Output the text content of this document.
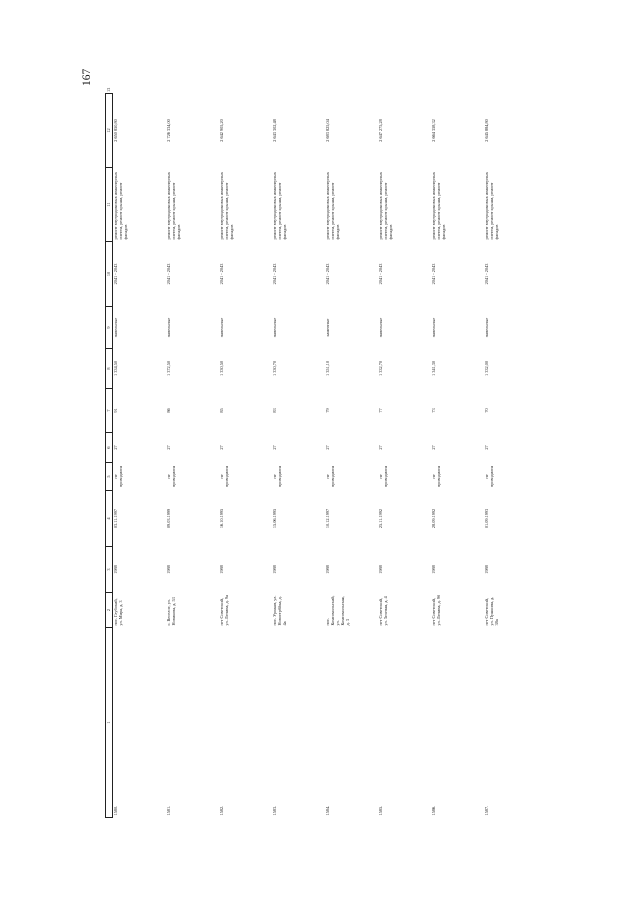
167
1	2	3	4	5	6	7	8	9	10	11	12	13
1580.	пос. Глубокий, ул. Мира, д. 3	1988	03.11.1997	не проводился	27	91	1 334,50	панельные	2041 - 2043	ремонт внутридомовых инженерных систем, ремонт крыши, ремонт фасадов	2 650 850,80	
1581.	с. Веселое, ул. Новикова, д. 53	1988	09.03.1999	не проводился	27	86	1 372,50	панельные	2041 - 2043	ремонт внутридомовых инженерных систем, ремонт крыши, ремонт фасадов	2 726 334,00	
1582.	пгт Советский, ул. Ленина, д. 9а	1988	16.10.1995	не проводился	27	85	1 330,50	панельные	2041 - 2043	ремонт внутридомовых инженерных систем, ремонт крыши, ремонт фасадов	2 642 905,20	
1583.	пос. Урожан, ул. Новострбйка, д. 4а	1988	15.06.1995	не проводился	27	83	1 330,70	панельные	2041 - 2043	ремонт внутридомовых инженерных систем, ремонт крыши, ремонт фасадов	2 643 302,48	
1584.	пос. Комсомольский, ул. Комсомольская, д. 3	1988	10.12.1997	не проводился	27	79	1 351,10	каменные	2041 - 2043	ремонт внутридомовых инженерных систем, ремонт крыши, ремонт фасадов	2 683 825,04	
1585.	пгт Советский, ул. Зеленая, д. 4	1988	25.11.1992	не проводился	27	77	1 332,70	панельные	2041 - 2043	ремонт внутридомовых инженерных систем, ремонт крыши, ремонт фасадов	2 647 275,28	
1586.	пгт Советский, ул. Ленина, д. 9б	1988	28.09.1992	не проводился	27	73	1 341,30	панельные	2041 - 2043	ремонт внутридомовых инженерных систем, ремонт крыши, ремонт фасадов	2 664 358,32	
1587.	пгт Советский, ул. Пушкина, д. 38а	1988	01.09.1993	не проводился	27	70	1 332,00	панельные	2041 - 2043	ремонт внутридомовых инженерных систем, ремонт крыши, ремонт фасадов	2 645 884,80	
